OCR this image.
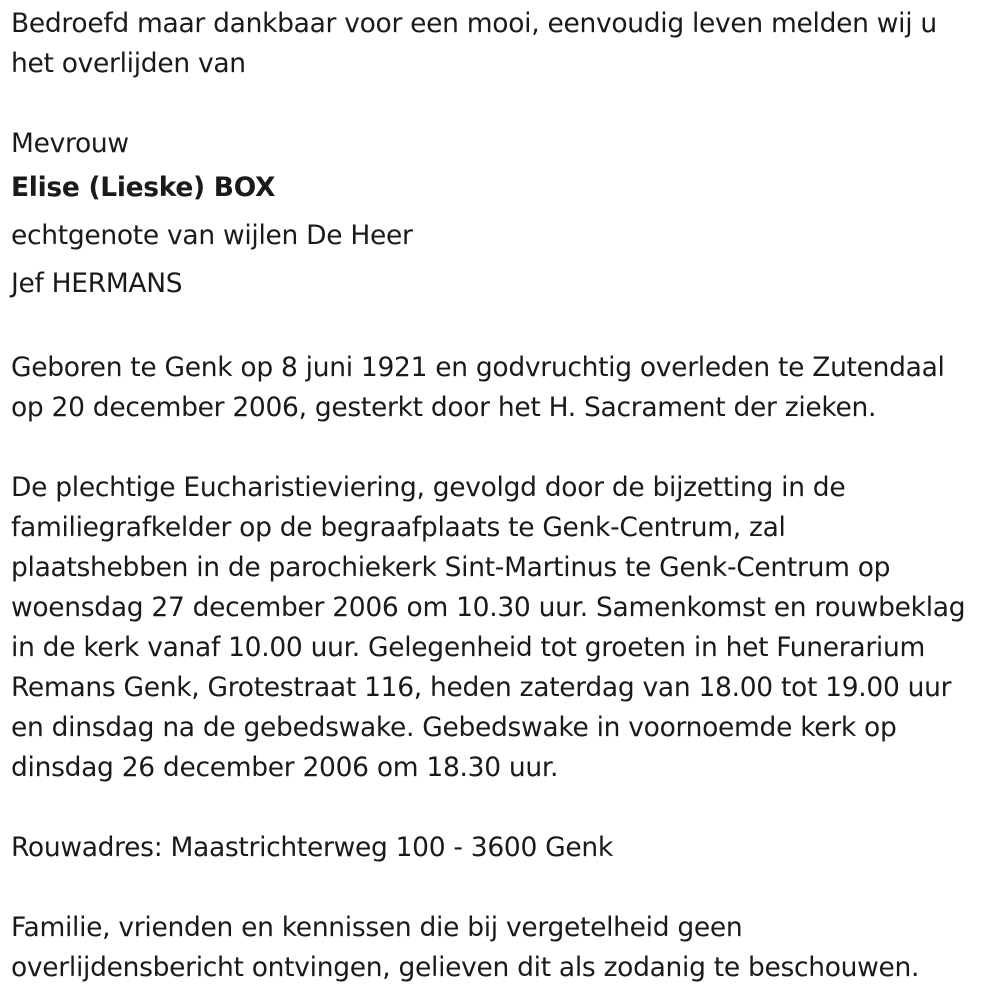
Bedroefd maar dankbaar voor een mooi, eenvoudig leven melden wij u
het overlijden van

Mevrouw
Elise (Lieske) BOX
echtgenote van wijlen De Heer
Jef HERMANS

Geboren te Genk op 8 juni 1921 en godvruchtig overleden te Zutendaal
op 20 december 2006, gesterkt door het H. Sacrament der zieken.

De plechtige Eucharistieviering, gevolgd door de bijzetting in de
familiegrafkelder op de begraafplaats te Genk-Centrum, zal
plaatshebben in de parochiekerk Sint-Martinus te Genk-Centrum op
woensdag 27 december 2006 om 10.30 uur. Samenkomst en rouwbeklag
in de kerk vanaf 10.00 uur. Gelegenheid tot groeten in het Funerarium
Remans Genk, Grotestraat 116, heden zaterdag van 18.00 tot 19.00 uur
en dinsdag na de gebedswake. Gebedswake in voornoemde kerk op
dinsdag 26 december 2006 om 18.30 uur.

Rouwadres: Maastrichterweg 100 - 3600 Genk

Familie, vrienden en kennissen die bij vergetelheid geen
overlijdensbericht ontvingen, gelieven dit als zodanig te beschouwen.
